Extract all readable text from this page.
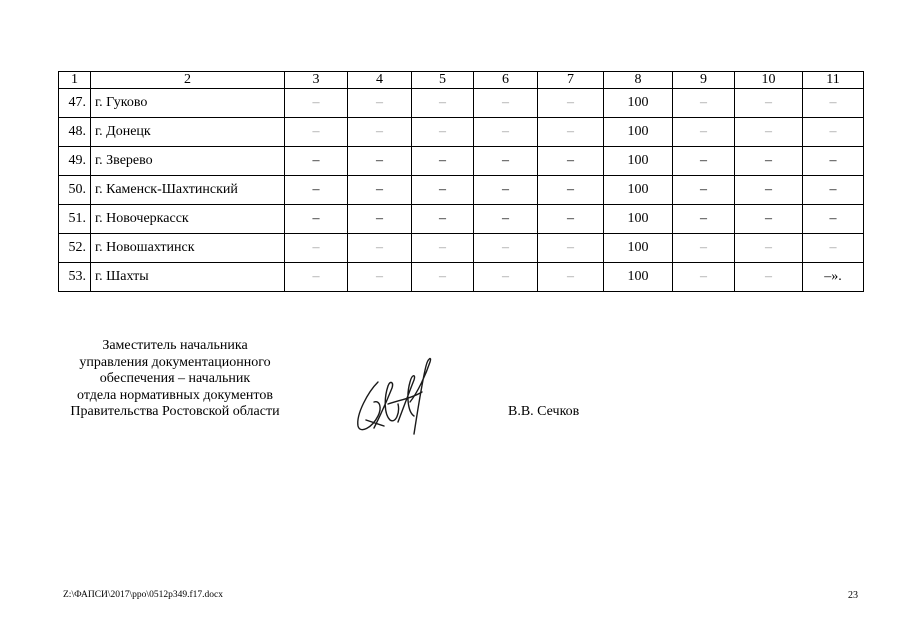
1	2	3	4	5	6	7	8	9	10	11
47.	г. Гуково	–	–	–	–	–	100	–	–	–
48.	г. Донецк	–	–	–	–	–	100	–	–	–
49.	г. Зверево	–	–	–	–	–	100	–	–	–
50.	г. Каменск-Шахтинский	–	–	–	–	–	100	–	–	–
51.	г. Новочеркасск	–	–	–	–	–	100	–	–	–
52.	г. Новошахтинск	–	–	–	–	–	100	–	–	–
53.	г. Шахты	–	–	–	–	–	100	–	–	–».
Заместитель начальника
управления документационного
обеспечения – начальник
отдела нормативных документов
Правительства Ростовской области	В.В. Сечков
Z:\ФАПСИ\2017\ppo\0512p349.f17.docx	23
